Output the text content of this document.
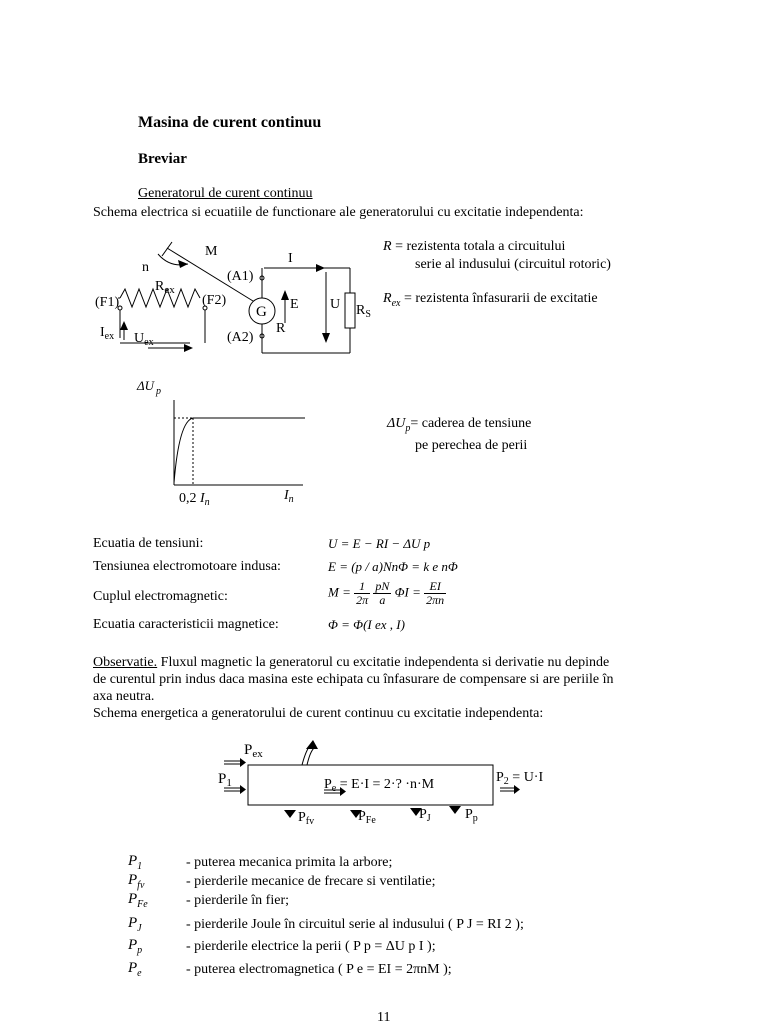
Masina de curent continuu
Breviar
Generatorul de curent continuu
Schema electrica si ecuatiile de functionare ale generatorului cu excitatie independenta:
M
n
I
(A1)
(A2)
(F1)	(F2)
$R_{ex}$
G E
R
U $R_S$
$I_{ex}$ $U_{ex}$
R = rezistenta totala a circuitului
serie al indusului (circuitul rotoric)
$R_{ex}$ = rezistenta înfasurarii de excitatie
ΔU $_p$
0,2 $I_n$	$I_n$
$\Delta U_p=$ caderea de tensiune
pe perechea de perii
Ecuatia de tensiuni:	U = E − RI − ΔU p
Tensiunea electromotoare indusa:	E = (p / a)NnΦ = k e nΦ
Cuplul electromagnetic:	$M = \frac{1}{2\pi}$
$\frac{pN}{a}$ $\Phi I = \frac{EI}{2\pi n}$
Ecuatia caracteristicii magnetice:	Φ = Φ(I ex , I)
Observatie. Fluxul magnetic la generatorul cu excitatie independenta si derivatie nu depinde
de curentul prin indus daca masina este echipata cu înfasurare de compensare si are periile în
axa neutra.
Schema energetica a generatorului de curent continuu cu excitatie independenta:
$P_{ex}$
$P_1$	$P_e = E\cdot I = 2\cdot$? ·n·M	$P_2 = U\cdot I$
$P_{fv}$	$P_{Fe}$	$P_J$ $P_p$
$P_1$	- puterea mecanica primita la arbore;
$P_{fv}$	- pierderile mecanice de frecare si ventilatie;
$P_{Fe}$	- pierderile în fier;
$P_J$	- pierderile Joule în circuitul serie al indusului ( P J = RI 2 );
$P_p$	- pierderile electrice la perii ( P p = ΔU p I );
$P_e$	- puterea electromagnetica ( P e = EI = 2πnM );
11
